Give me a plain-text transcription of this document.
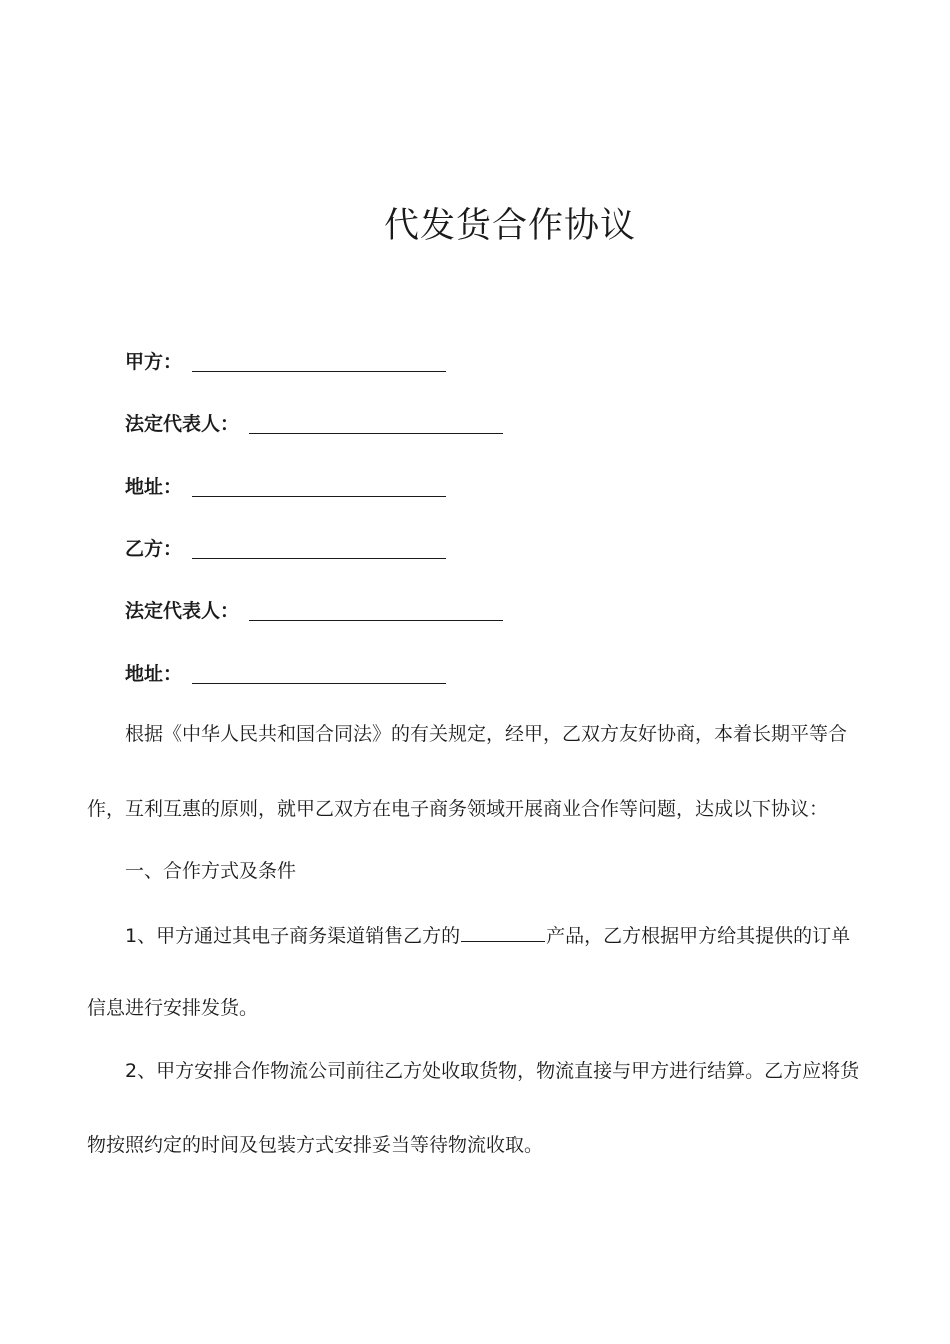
代发货合作协议
甲方：
法定代表人：
地址：
乙方：
法定代表人：
地址：
根据《中华人民共和国合同法》的有关规定，经甲，乙双方友好协商，本着长期平等合
作，互利互惠的原则，就甲乙双方在电子商务领域开展商业合作等问题，达成以下协议：
一、合作方式及条件
1、甲方通过其电子商务渠道销售乙方的	产品，乙方根据甲方给其提供的订单
信息进行安排发货。
2、甲方安排合作物流公司前往乙方处收取货物，物流直接与甲方进行结算。乙方应将货
物按照约定的时间及包装方式安排妥当等待物流收取。
